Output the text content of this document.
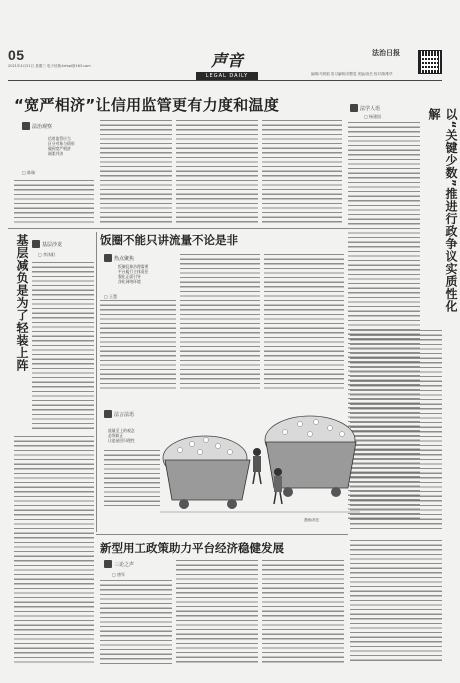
05
2021年4月21日 星期三 电子信箱:fzrbpl@163.com	声音
LEGAL DAILY
法治日报
编辑/马树娟 见习编辑/刘慧雯 美编/高岳 校对/陈维华
“宽严相济”让信用监管更有力度和温度
法治观察
信用监管应当
区分对象与情形
做到宽严相济
刚柔并济
□ 陈瑞
法学人语
□ 杨建国	以“关键少数”推进行政争议实质性化解
基层减负是为了轻装上阵	基层沙龙
□ 李沐阳
饭圈不能只讲流量不论是非
热点聚焦
饭圈乱象治理需要
平台履行主体责任
强化正面引导
净化网络环境
□ 王慧
法言法语
流量至上的观念
必须纠正
让追星回归理性
漫画/高岳
新型用工政策助力平台经济稳健发展
三论之声
□ 唐军
